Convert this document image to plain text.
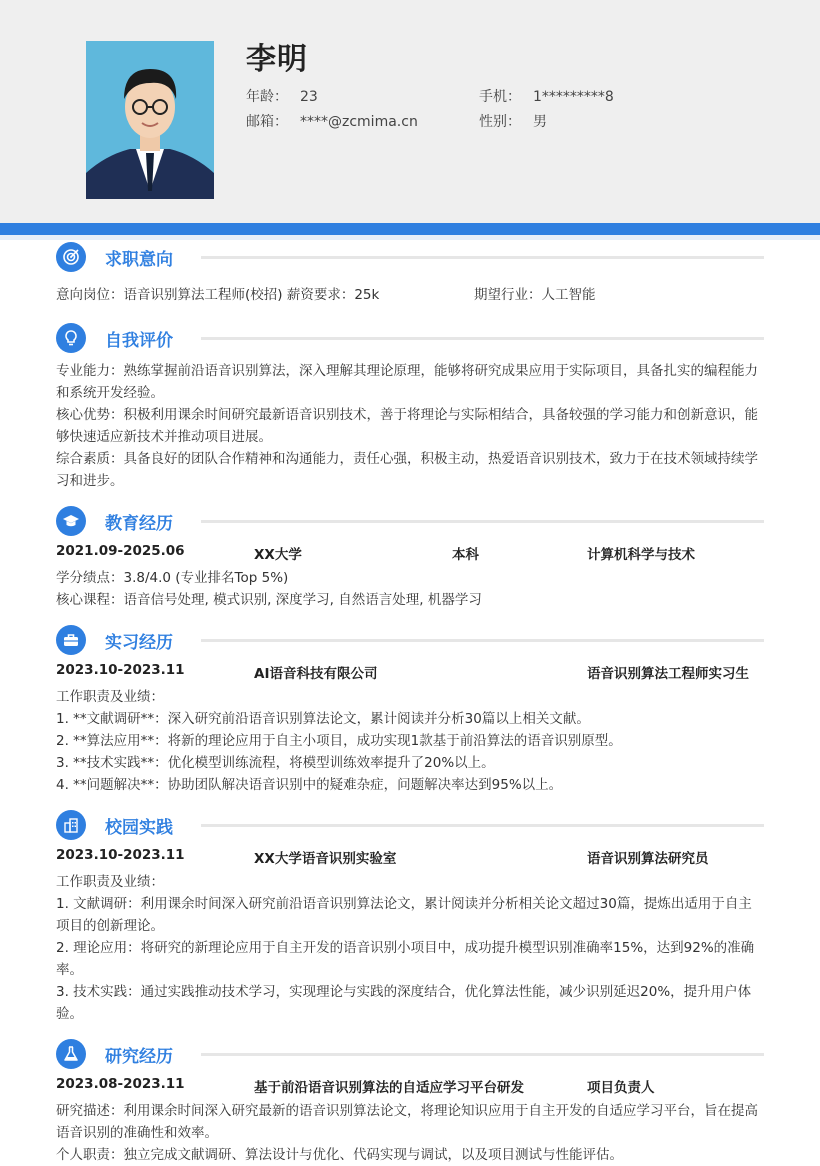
李明
年龄： 23	手机： 1*********8
邮箱： ****@zcmima.cn	性别： 男
求职意向
意向岗位：语音识别算法工程师(校招) 薪资要求：25k	期望行业：人工智能
自我评价
专业能力：熟练掌握前沿语音识别算法，深入理解其理论原理，能够将研究成果应用于实际项目，具备扎实的编程能力和系统开发经验。
核心优势：积极利用课余时间研究最新语音识别技术，善于将理论与实际相结合，具备较强的学习能力和创新意识，能够快速适应新技术并推动项目进展。
综合素质：具备良好的团队合作精神和沟通能力，责任心强，积极主动，热爱语音识别技术，致力于在技术领域持续学习和进步。
教育经历
2021.09-2025.06	XX大学	本科	计算机科学与技术
学分绩点：3.8/4.0 (专业排名Top 5%)
核心课程：语音信号处理, 模式识别, 深度学习, 自然语言处理, 机器学习
实习经历
2023.10-2023.11	AI语音科技有限公司	语音识别算法工程师实习生
工作职责及业绩：
1. **文献调研**：深入研究前沿语音识别算法论文，累计阅读并分析30篇以上相关文献。
2. **算法应用**：将新的理论应用于自主小项目，成功实现1款基于前沿算法的语音识别原型。
3. **技术实践**：优化模型训练流程，将模型训练效率提升了20%以上。
4. **问题解决**：协助团队解决语音识别中的疑难杂症，问题解决率达到95%以上。
校园实践
2023.10-2023.11	XX大学语音识别实验室	语音识别算法研究员
工作职责及业绩：
1. 文献调研：利用课余时间深入研究前沿语音识别算法论文，累计阅读并分析相关论文超过30篇，提炼出适用于自主项目的创新理论。
2. 理论应用：将研究的新理论应用于自主开发的语音识别小项目中，成功提升模型识别准确率15%，达到92%的准确率。
3. 技术实践：通过实践推动技术学习，实现理论与实践的深度结合，优化算法性能，减少识别延迟20%，提升用户体验。
研究经历
2023.08-2023.11	基于前沿语音识别算法的自适应学习平台研发	项目负责人
研究描述：利用课余时间深入研究最新的语音识别算法论文，将理论知识应用于自主开发的自适应学习平台，旨在提高语音识别的准确性和效率。
个人职责：独立完成文献调研、算法设计与优化、代码实现与调试，以及项目测试与性能评估。
